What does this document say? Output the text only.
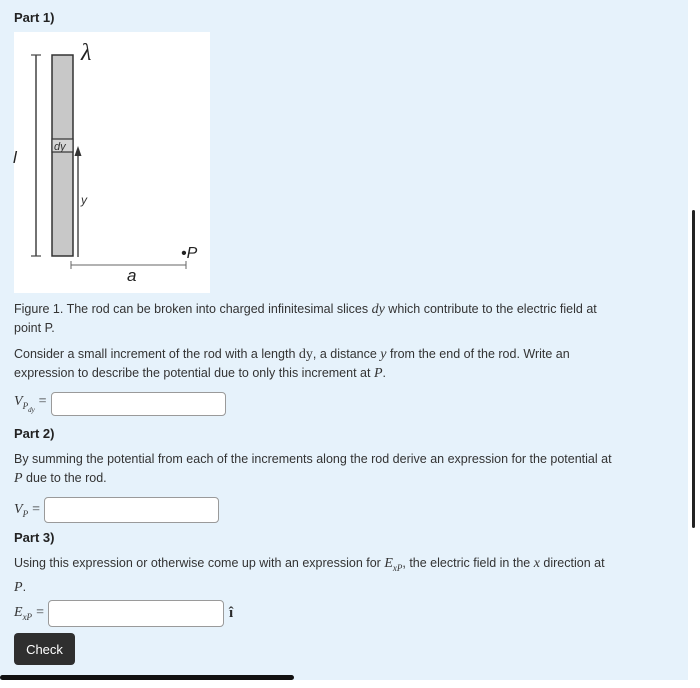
Part 1)
λ
l
dy
y
•P
a
Figure 1. The rod can be broken into charged infinitesimal slices dy which contribute to the electric field at
point P.
Consider a small increment of the rod with a length dy, a distance y from the end of the rod. Write an
expression to describe the potential due to only this increment at P.
$V_{P_{dy}}=$
Part 2)
By summing the potential from each of the increments along the rod derive an expression for the potential at
P due to the rod.
$V_P$ =
Part 3)
Using this expression or otherwise come up with an expression for $E_{xP}$, the electric field in the x direction at
P.
$E_{xP}$ =	î
Check
